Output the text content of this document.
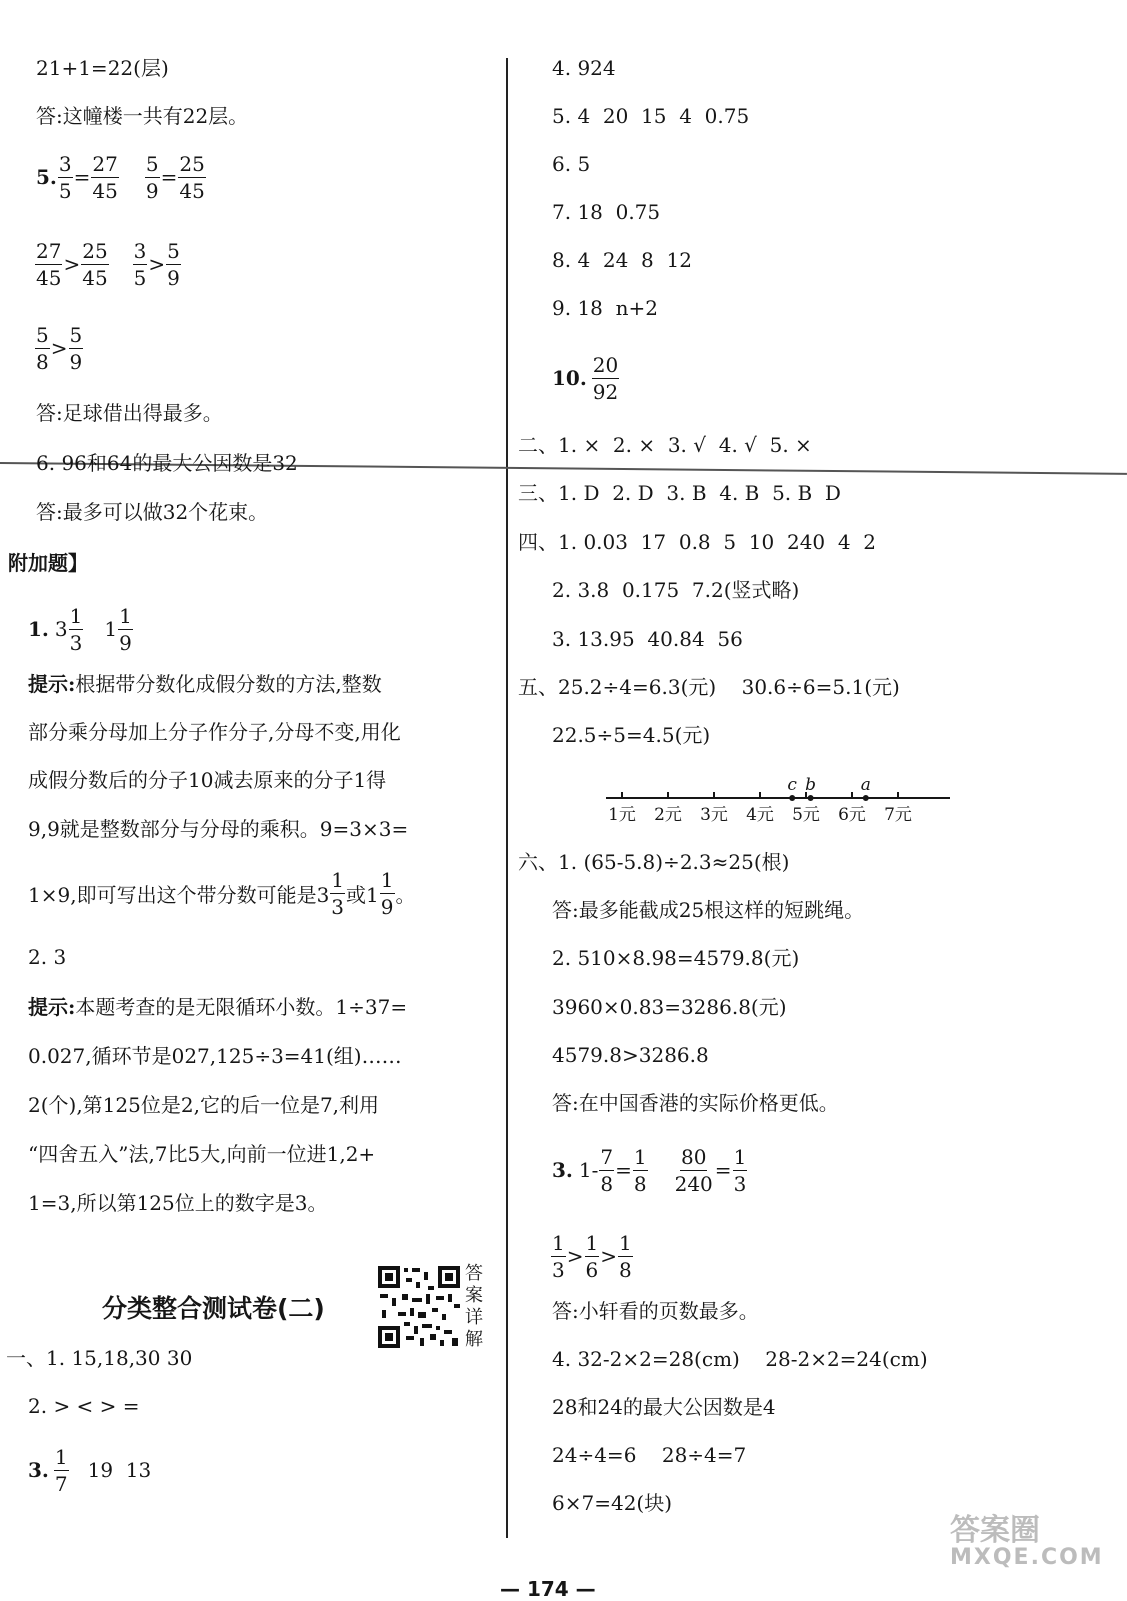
21+1=22(层)
答:这幢楼一共有22层。
5. $\frac{3}{5} = \frac{27}{45} \frac{5}{9} = \frac{25}{45}$
$\frac{27}{45} > \frac{25}{45} \frac{3}{5} > \frac{5}{9}$
$\frac{5}{8} > \frac{5}{9}$
答:足球借出得最多。
6. 96和64的最大公因数是32
答:最多可以做32个花束。
附加题】
1. $3 \frac{1}{3} 1 \frac{1}{9}$
提示:根据带分数化成假分数的方法,整数
部分乘分母加上分子作分子,分母不变,用化
成假分数后的分子10减去原来的分子1得
9,9就是整数部分与分母的乘积。9=3×3=
1×9,即可写出这个带分数可能是$3 \frac{1}{3}$ 或$1 \frac{1}{9}$ 。
2. 3
提示:本题考查的是无限循环小数。1÷37=
0.027,循环节是027,125÷3=41(组)……
2(个),第125位是2,它的后一位是7,利用
“四舍五入”法,7比5大,向前一位进1,2+
1=3,所以第125位上的数字是3。
分类整合测试卷(二)
答案详解
一、1. 15,18,30 30
2. > < > =
3. $\frac{1}{7} 19$  13
4. 924
5. 4  20  15  4  0.75
6. 5
7. 18  0.75
8. 4  24  8  12
9. 18  n+2
10. $\frac{20}{92}$
二、1. ×  2. ×  3. √  4. √  5. ×
三、1. D  2. D  3. B  4. B  5. B  D
四、1. 0.03  17  0.8  5  10  240  4  2
2. 3.8  0.175  7.2(竖式略)
3. 13.95  40.84  56
五、25.2÷4=6.3(元)    30.6÷6=5.1(元)
22.5÷5=4.5(元)
1元 2元 3元 4元 5元 6元 7元
c b	a
六、1. (65-5.8)÷2.3≈25(根)
答:最多能截成25根这样的短跳绳。
2. 510×8.98=4579.8(元)
3960×0.83=3286.8(元)
4579.8>3286.8
答:在中国香港的实际价格更低。
3. $1- \frac{7}{8} = \frac{1}{8} \frac{80}{240} = \frac{1}{3}$
$\frac{1}{3} > \frac{1}{6} > \frac{1}{8}$
答:小轩看的页数最多。
4. 32-2×2=28(cm)    28-2×2=24(cm)
28和24的最大公因数是4
24÷4=6    28÷4=7
6×7=42(块)
— 174 —
答案圈
MXQE.COM
